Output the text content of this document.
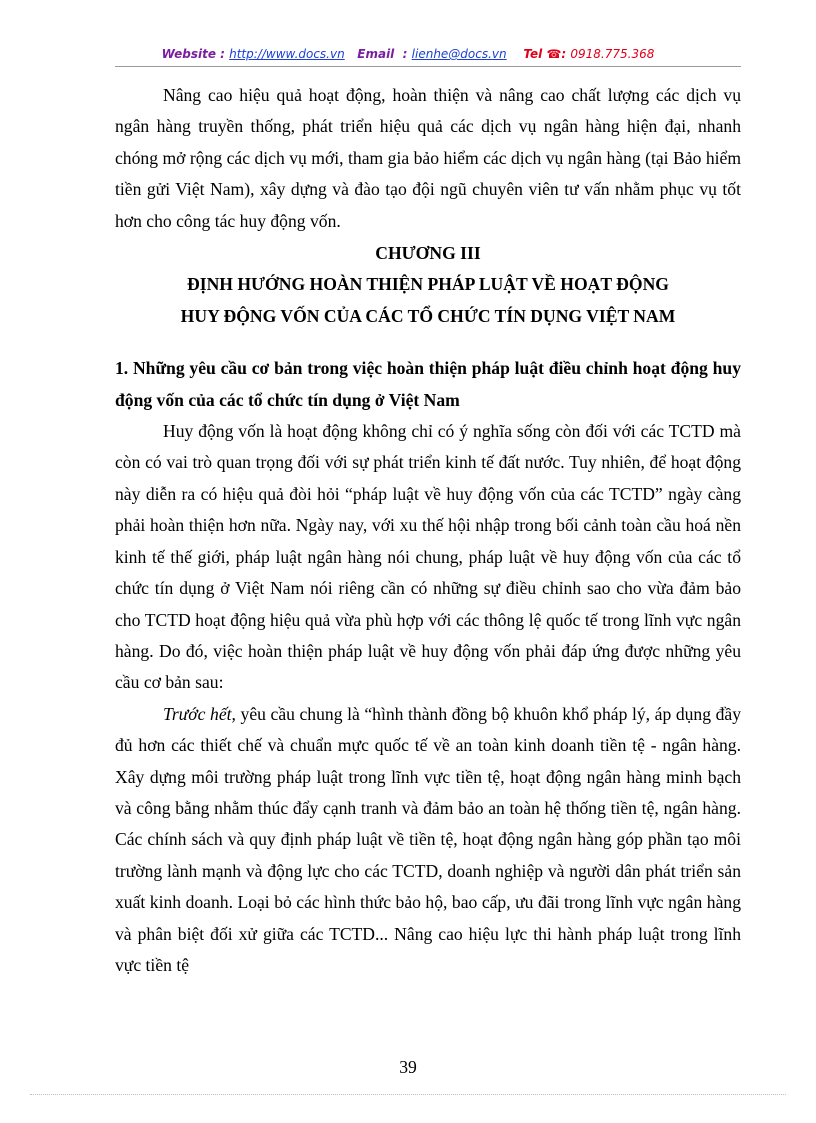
Website : http://www.docs.vn Email : lienhe@docs.vn Tel ☎: 0918.775.368

Nâng cao hiệu quả hoạt động, hoàn thiện và nâng cao chất lượng các dịch vụ ngân hàng truyền thống, phát triển hiệu quả các dịch vụ ngân hàng hiện đại, nhanh chóng mở rộng các dịch vụ mới, tham gia bảo hiểm các dịch vụ ngân hàng (tại Bảo hiểm tiền gửi Việt Nam), xây dựng và đào tạo đội ngũ chuyên viên tư vấn nhằm phục vụ tốt hơn cho công tác huy động vốn.

CHƯƠNG III

ĐỊNH HƯỚNG HOÀN THIỆN PHÁP LUẬT VỀ HOẠT ĐỘNG

HUY ĐỘNG VỐN CỦA CÁC TỔ CHỨC TÍN DỤNG VIỆT NAM

1. Những yêu cầu cơ bản trong việc hoàn thiện pháp luật điều chỉnh hoạt động huy động vốn của các tổ chức tín dụng ở Việt Nam

Huy động vốn là hoạt động không chỉ có ý nghĩa sống còn đối với các TCTD mà còn có vai trò quan trọng đối với sự phát triển kinh tế đất nước. Tuy nhiên, để hoạt động này diễn ra có hiệu quả đòi hỏi “pháp luật về huy động vốn của các TCTD” ngày càng phải hoàn thiện hơn nữa. Ngày nay, với xu thế hội nhập trong bối cảnh toàn cầu hoá nền kinh tế thế giới, pháp luật ngân hàng nói chung, pháp luật về huy động vốn của các tổ chức tín dụng ở Việt Nam nói riêng cần có những sự điều chỉnh sao cho vừa đảm bảo cho TCTD hoạt động hiệu quả vừa phù hợp với các thông lệ quốc tế trong lĩnh vực ngân hàng. Do đó, việc hoàn thiện pháp luật về huy động vốn phải đáp ứng được những yêu cầu cơ bản sau:

Trước hết, yêu cầu chung là “hình thành đồng bộ khuôn khổ pháp lý, áp dụng đầy đủ hơn các thiết chế và chuẩn mực quốc tế về an toàn kinh doanh tiền tệ - ngân hàng. Xây dựng môi trường pháp luật trong lĩnh vực tiền tệ, hoạt động ngân hàng minh bạch và công bằng nhằm thúc đẩy cạnh tranh và đảm bảo an toàn hệ thống tiền tệ, ngân hàng. Các chính sách và quy định pháp luật về tiền tệ, hoạt động ngân hàng góp phần tạo môi trường lành mạnh và động lực cho các TCTD, doanh nghiệp và người dân phát triển sản xuất kinh doanh. Loại bỏ các hình thức bảo hộ, bao cấp, ưu đãi trong lĩnh vực ngân hàng và phân biệt đối xử giữa các TCTD... Nâng cao hiệu lực thi hành pháp luật trong lĩnh vực tiền tệ

39
